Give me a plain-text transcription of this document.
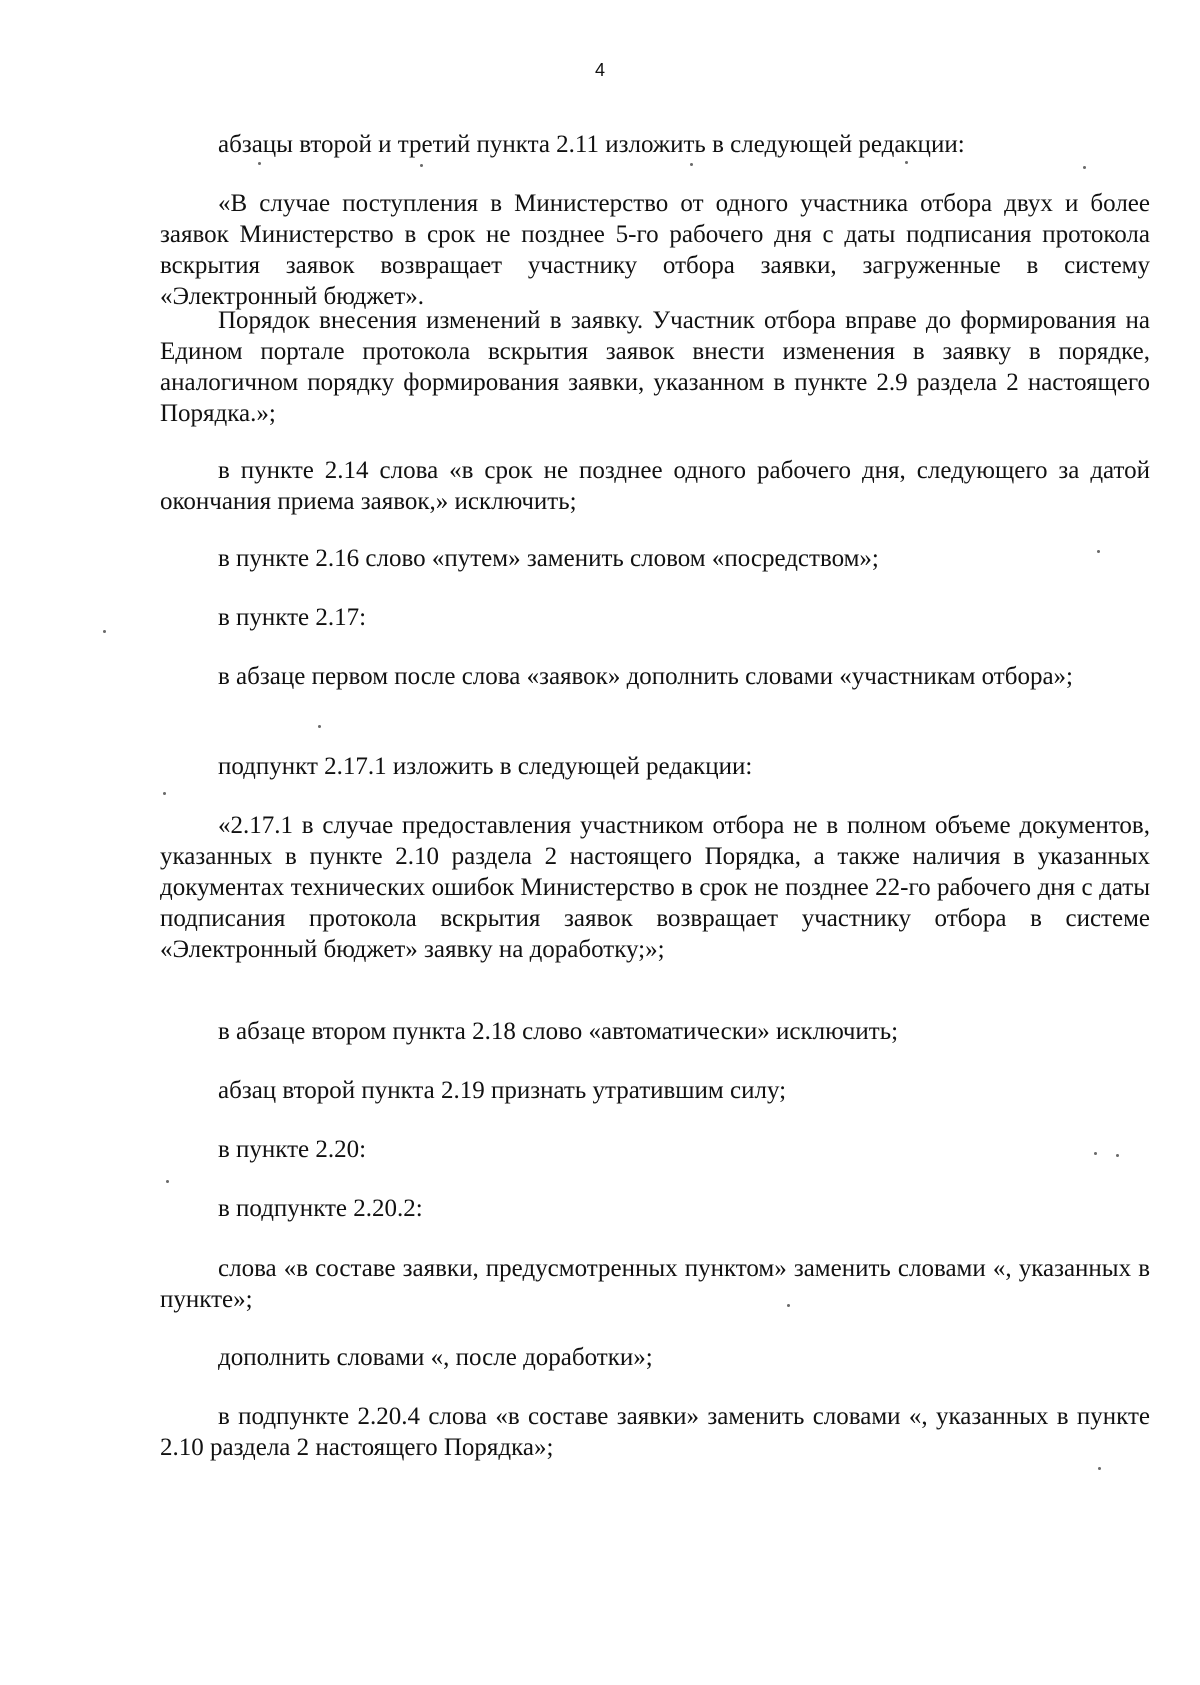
4

абзацы второй и третий пункта 2.11 изложить в следующей редакции:

«В случае поступления в Министерство от одного участника отбора двух и более заявок Министерство в срок не позднее 5-го рабочего дня с даты подписания протокола вскрытия заявок возвращает участнику отбора заявки, загруженные в систему «Электронный бюджет».

Порядок внесения изменений в заявку. Участник отбора вправе до формирования на Едином портале протокола вскрытия заявок внести изменения в заявку в порядке, аналогичном порядку формирования заявки, указанном в пункте 2.9 раздела 2 настоящего Порядка.»;

в пункте 2.14 слова «в срок не позднее одного рабочего дня, следующего за датой окончания приема заявок,» исключить;

в пункте 2.16 слово «путем» заменить словом «посредством»;

в пункте 2.17:

в абзаце первом после слова «заявок» дополнить словами «участникам отбора»;

подпункт 2.17.1 изложить в следующей редакции:

«2.17.1 в случае предоставления участником отбора не в полном объеме документов, указанных в пункте 2.10 раздела 2 настоящего Порядка, а также наличия в указанных документах технических ошибок Министерство в срок не позднее 22-го рабочего дня с даты подписания протокола вскрытия заявок возвращает участнику отбора в системе «Электронный бюджет» заявку на доработку;»;

в абзаце втором пункта 2.18 слово «автоматически» исключить;

абзац второй пункта 2.19 признать утратившим силу;

в пункте 2.20:

в подпункте 2.20.2:

слова «в составе заявки, предусмотренных пунктом» заменить словами «, указанных в пункте»;

дополнить словами «, после доработки»;

в подпункте 2.20.4 слова «в составе заявки» заменить словами «, указанных в пункте 2.10 раздела 2 настоящего Порядка»;
